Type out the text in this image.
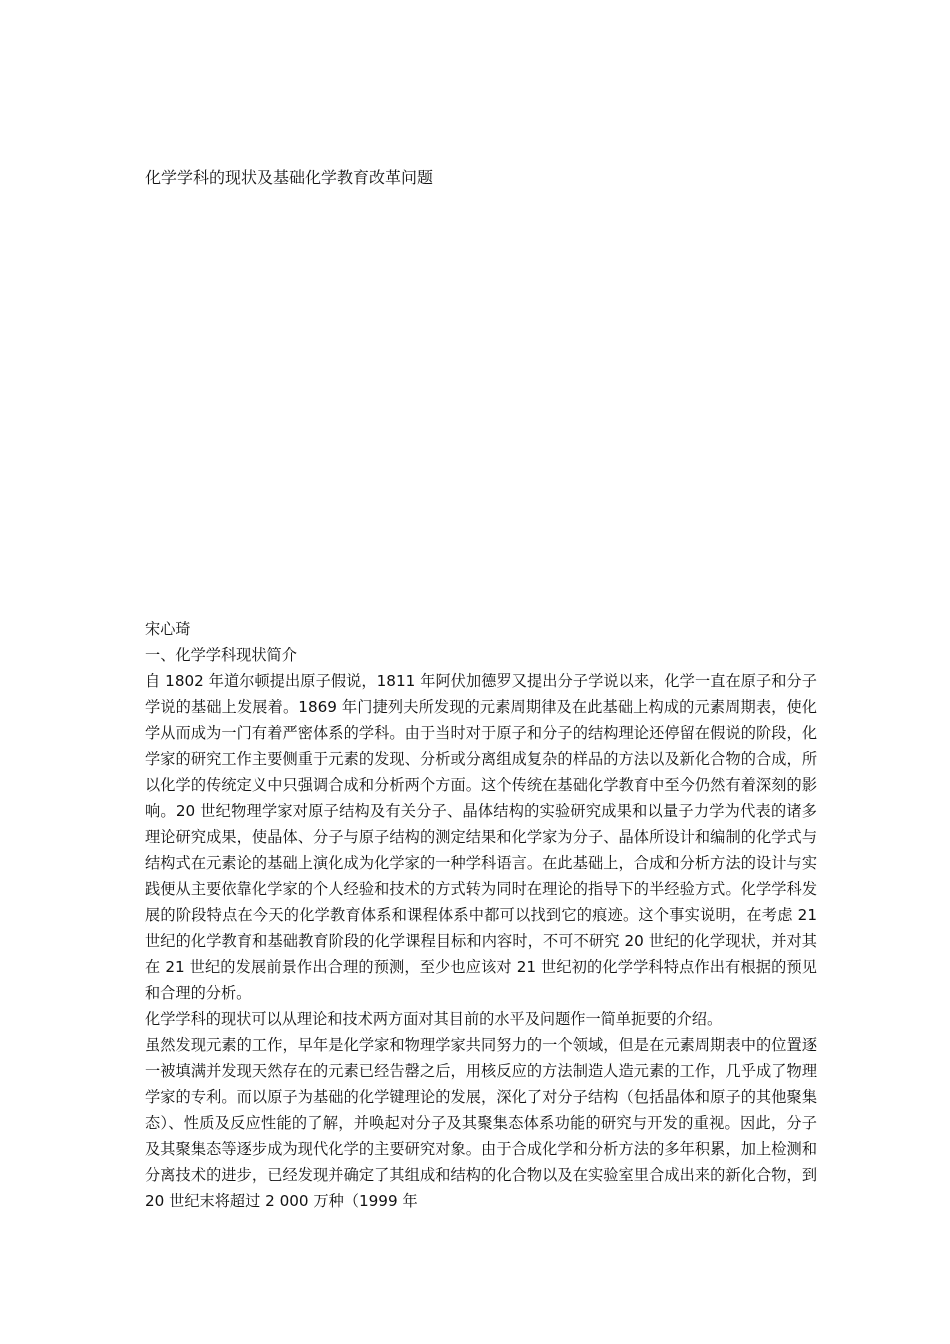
化学学科的现状及基础化学教育改革问题

宋心琦

一、化学学科现状简介

自 1802 年道尔顿提出原子假说，1811 年阿伏加德罗又提出分子学说以来，化学一直在原子和分子学说的基础上发展着。1869 年门捷列夫所发现的元素周期律及在此基础上构成的元素周期表，使化学从而成为一门有着严密体系的学科。由于当时对于原子和分子的结构理论还停留在假说的阶段，化学家的研究工作主要侧重于元素的发现、分析或分离组成复杂的样品的方法以及新化合物的合成，所以化学的传统定义中只强调合成和分析两个方面。这个传统在基础化学教育中至今仍然有着深刻的影响。20 世纪物理学家对原子结构及有关分子、晶体结构的实验研究成果和以量子力学为代表的诸多理论研究成果，使晶体、分子与原子结构的测定结果和化学家为分子、晶体所设计和编制的化学式与结构式在元素论的基础上演化成为化学家的一种学科语言。在此基础上，合成和分析方法的设计与实践便从主要依靠化学家的个人经验和技术的方式转为同时在理论的指导下的半经验方式。化学学科发展的阶段特点在今天的化学教育体系和课程体系中都可以找到它的痕迹。这个事实说明，在考虑 21 世纪的化学教育和基础教育阶段的化学课程目标和内容时，不可不研究 20 世纪的化学现状，并对其在 21 世纪的发展前景作出合理的预测，至少也应该对 21 世纪初的化学学科特点作出有根据的预见和合理的分析。

化学学科的现状可以从理论和技术两方面对其目前的水平及问题作一简单扼要的介绍。

虽然发现元素的工作，早年是化学家和物理学家共同努力的一个领域，但是在元素周期表中的位置逐一被填满并发现天然存在的元素已经告罄之后，用核反应的方法制造人造元素的工作，几乎成了物理学家的专利。而以原子为基础的化学键理论的发展，深化了对分子结构（包括晶体和原子的其他聚集态）、性质及反应性能的了解，并唤起对分子及其聚集态体系功能的研究与开发的重视。因此，分子及其聚集态等逐步成为现代化学的主要研究对象。由于合成化学和分析方法的多年积累，加上检测和分离技术的进步，已经发现并确定了其组成和结构的化合物以及在实验室里合成出来的新化合物，到 20 世纪末将超过 2 000 万种（1999 年
